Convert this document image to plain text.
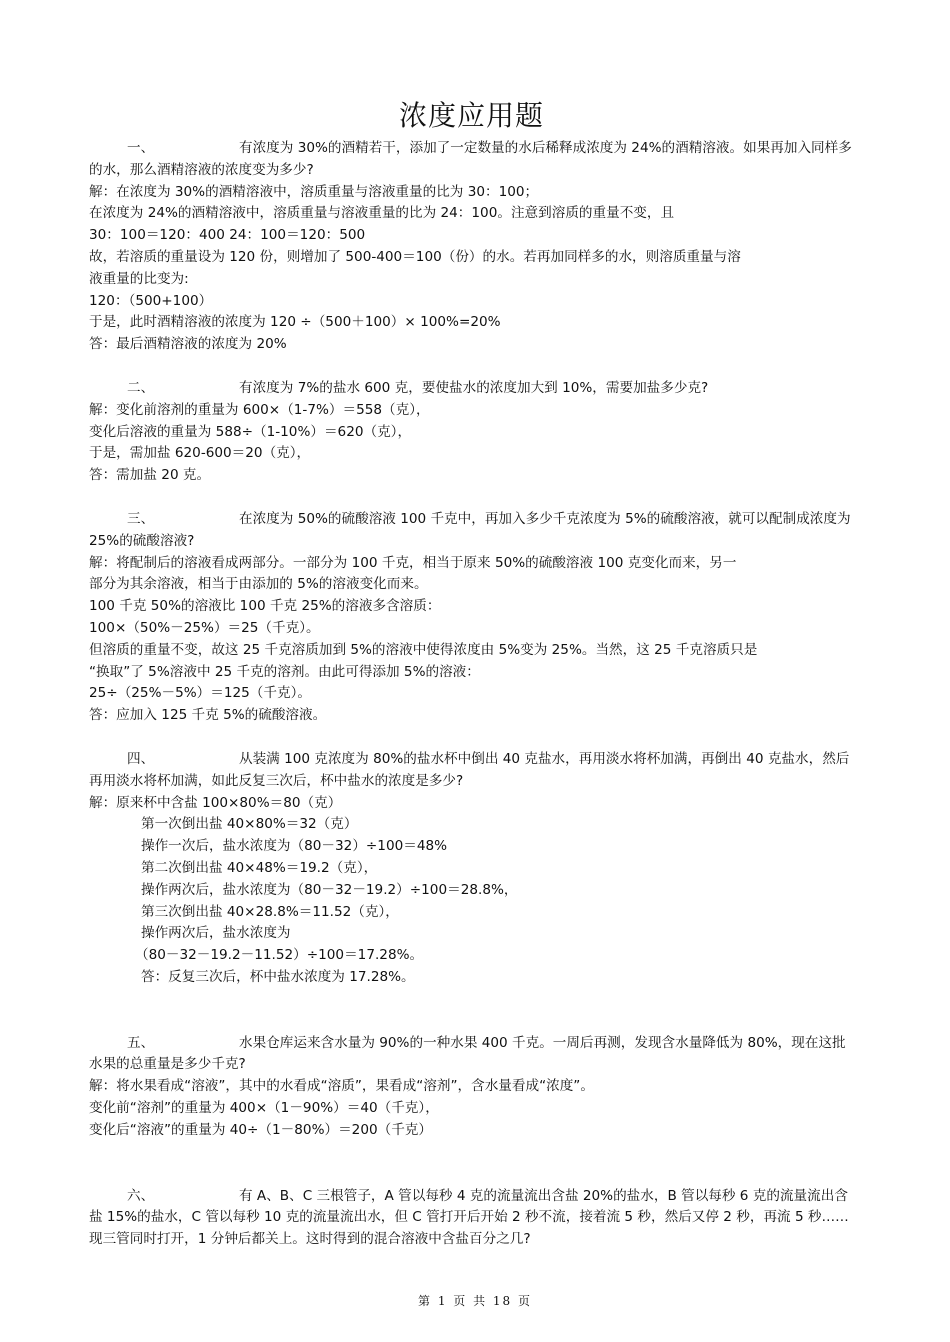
浓度应用题

一、	有浓度为 30%的酒精若干，添加了一定数量的水后稀释成浓度为 24%的酒精溶液。如果再加入同样多的水，那么酒精溶液的浓度变为多少?

解：在浓度为 30%的酒精溶液中，溶质重量与溶液重量的比为 30：100；

在浓度为 24%的酒精溶液中，溶质重量与溶液重量的比为 24：100。注意到溶质的重量不变，且

30：100＝120：400 24：100＝120：500

故，若溶质的重量设为 120 份，则增加了 500-400＝100（份）的水。若再加同样多的水，则溶质重量与溶

液重量的比变为:

120：（500+100）

于是，此时酒精溶液的浓度为 120 ÷（500＋100）× 100%=20%

答：最后酒精溶液的浓度为 20%

二、	有浓度为 7%的盐水 600 克，要使盐水的浓度加大到 10%，需要加盐多少克?

解：变化前溶剂的重量为 600×（1-7%）＝558（克），

变化后溶液的重量为 588÷（1-10%）＝620（克），

于是，需加盐 620-600＝20（克），

答：需加盐 20 克。

三、	在浓度为 50%的硫酸溶液 100 千克中，再加入多少千克浓度为 5%的硫酸溶液，就可以配制成浓度为 25%的硫酸溶液?

解：将配制后的溶液看成两部分。一部分为 100 千克，相当于原来 50%的硫酸溶液 100 克变化而来，另一

部分为其余溶液，相当于由添加的 5%的溶液变化而来。

100 千克 50%的溶液比 100 千克 25%的溶液多含溶质：

100×（50%－25%）＝25（千克）。

但溶质的重量不变，故这 25 千克溶质加到 5%的溶液中使得浓度由 5%变为 25%。当然，这 25 千克溶质只是

“换取”了 5%溶液中 25 千克的溶剂。由此可得添加 5%的溶液：

25÷（25%－5%）＝125（千克）。

答：应加入 125 千克 5%的硫酸溶液。

四、	从装满 100 克浓度为 80%的盐水杯中倒出 40 克盐水，再用淡水将杯加满，再倒出 40 克盐水，然后再用淡水将杯加满，如此反复三次后，杯中盐水的浓度是多少?

解：原来杯中含盐 100×80%＝80（克）

第一次倒出盐 40×80%＝32（克）

操作一次后，盐水浓度为（80－32）÷100＝48%

第二次倒出盐 40×48%＝19.2（克），

操作两次后，盐水浓度为（80－32－19.2）÷100＝28.8%，

第三次倒出盐 40×28.8%＝11.52（克），

操作两次后，盐水浓度为

（80－32－19.2－11.52）÷100＝17.28%。

答：反复三次后，杯中盐水浓度为 17.28%。

五、	水果仓库运来含水量为 90%的一种水果 400 千克。一周后再测，发现含水量降低为 80%，现在这批水果的总重量是多少千克?

解：将水果看成“溶液”，其中的水看成“溶质”，果看成“溶剂”，含水量看成“浓度”。

变化前“溶剂”的重量为 400×（1－90%）＝40（千克），

变化后“溶液”的重量为 40÷（1－80%）＝200（千克）

六、	有 A、B、C 三根管子，A 管以每秒 4 克的流量流出含盐 20%的盐水，B 管以每秒 6 克的流量流出含盐 15%的盐水，C 管以每秒 10 克的流量流出水，但 C 管打开后开始 2 秒不流，接着流 5 秒，然后又停 2 秒，再流 5 秒……现三管同时打开，1 分钟后都关上。这时得到的混合溶液中含盐百分之几?

第 1 页 共 18 页
